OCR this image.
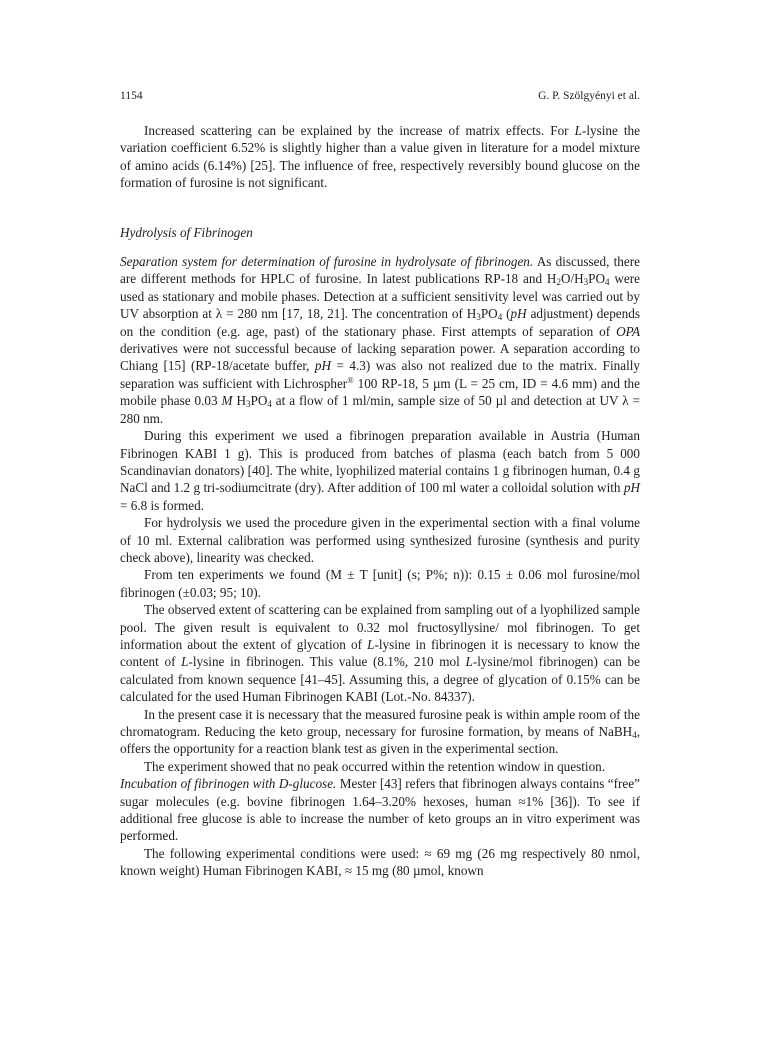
1154	G. P. Szölgyényi et al.

Increased scattering can be explained by the increase of matrix effects. For L-lysine the variation coefficient 6.52% is slightly higher than a value given in literature for a model mixture of amino acids (6.14%) [25]. The influence of free, respectively reversibly bound glucose on the formation of furosine is not significant.

Hydrolysis of Fibrinogen

Separation system for determination of furosine in hydrolysate of fibrinogen. As discussed, there are different methods for HPLC of furosine. In latest publications RP-18 and $H_2O/H_3PO_4$ were used as stationary and mobile phases. Detection at a sufficient sensitivity level was carried out by UV absorption at λ = 280 nm [17, 18, 21]. The concentration of $H_3PO_4$ (pH adjustment) depends on the condition (e.g. age, past) of the stationary phase. First attempts of separation of OPA derivatives were not successful because of lacking separation power. A separation according to Chiang [15] (RP-18/acetate buffer, pH = 4.3) was also not realized due to the matrix. Finally separation was sufficient with Lichrospher® 100 RP-18, 5 µm (L = 25 cm, ID = 4.6 mm) and the mobile phase 0.03 M $H_3PO_4$ at a flow of 1 ml/min, sample size of 50 µl and detection at UV λ = 280 nm.

During this experiment we used a fibrinogen preparation available in Austria (Human Fibrinogen KABI 1 g). This is produced from batches of plasma (each batch from 5 000 Scandinavian donators) [40]. The white, lyophilized material contains 1 g fibrinogen human, 0.4 g NaCl and 1.2 g tri-sodiumcitrate (dry). After addition of 100 ml water a colloidal solution with pH = 6.8 is formed.

For hydrolysis we used the procedure given in the experimental section with a final volume of 10 ml. External calibration was performed using synthesized furosine (synthesis and purity check above), linearity was checked.

From ten experiments we found (M ± T [unit] (s; P%; n)): 0.15 ± 0.06 mol furosine/mol fibrinogen (±0.03; 95; 10).

The observed extent of scattering can be explained from sampling out of a lyophilized sample pool. The given result is equivalent to 0.32 mol fructosyllysine/ mol fibrinogen. To get information about the extent of glycation of L-lysine in fibrinogen it is necessary to know the content of L-lysine in fibrinogen. This value (8.1%, 210 mol L-lysine/mol fibrinogen) can be calculated from known sequence [41–45]. Assuming this, a degree of glycation of 0.15% can be calculated for the used Human Fibrinogen KABI (Lot.-No. 84337).

In the present case it is necessary that the measured furosine peak is within ample room of the chromatogram. Reducing the keto group, necessary for furosine formation, by means of NaBH$_4$, offers the opportunity for a reaction blank test as given in the experimental section.

The experiment showed that no peak occurred within the retention window in question.

Incubation of fibrinogen with D-glucose. Mester [43] refers that fibrinogen always contains “free” sugar molecules (e.g. bovine fibrinogen 1.64–3.20% hexoses, human ≈1% [36]). To see if additional free glucose is able to increase the number of keto groups an in vitro experiment was performed.

The following experimental conditions were used: ≈ 69 mg (26 mg respectively 80 nmol, known weight) Human Fibrinogen KABI, ≈ 15 mg (80 µmol, known
